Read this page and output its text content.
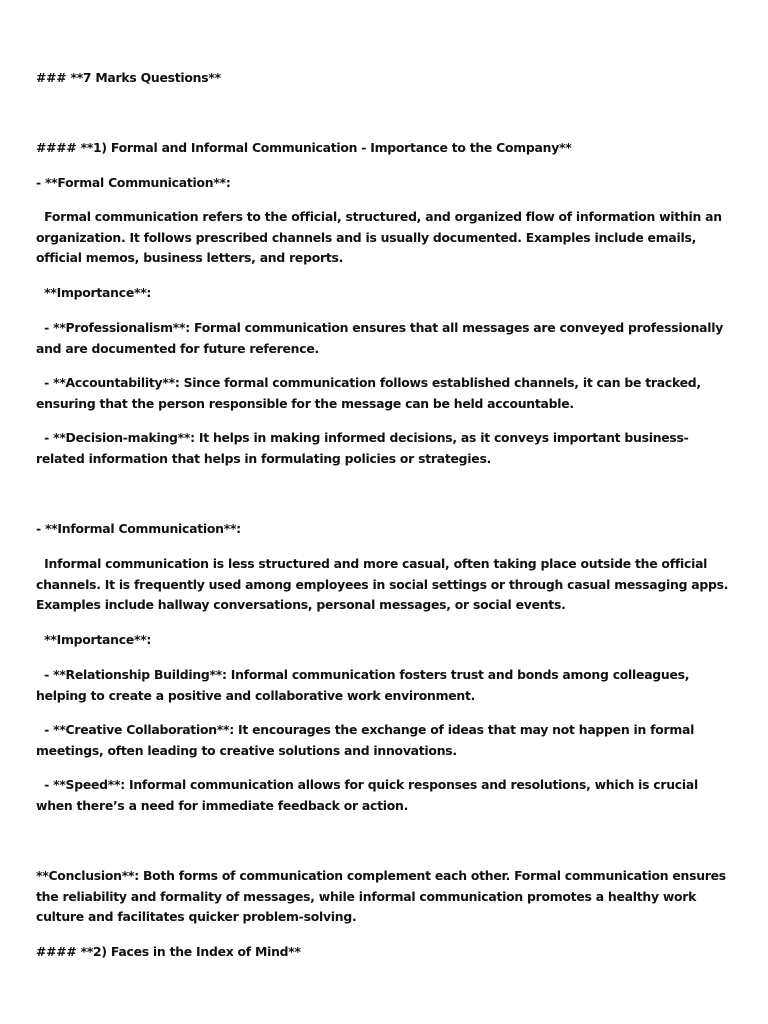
### **7 Marks Questions**
#### **1) Formal and Informal Communication - Importance to the Company**
- **Formal Communication**:
Formal communication refers to the official, structured, and organized flow of information within an organization. It follows prescribed channels and is usually documented. Examples include emails, official memos, business letters, and reports.
**Importance**:
- **Professionalism**: Formal communication ensures that all messages are conveyed professionally and are documented for future reference.
- **Accountability**: Since formal communication follows established channels, it can be tracked, ensuring that the person responsible for the message can be held accountable.
- **Decision-making**: It helps in making informed decisions, as it conveys important business-related information that helps in formulating policies or strategies.
- **Informal Communication**:
Informal communication is less structured and more casual, often taking place outside the official channels. It is frequently used among employees in social settings or through casual messaging apps. Examples include hallway conversations, personal messages, or social events.
**Importance**:
- **Relationship Building**: Informal communication fosters trust and bonds among colleagues, helping to create a positive and collaborative work environment.
- **Creative Collaboration**: It encourages the exchange of ideas that may not happen in formal meetings, often leading to creative solutions and innovations.
- **Speed**: Informal communication allows for quick responses and resolutions, which is crucial when there’s a need for immediate feedback or action.
**Conclusion**: Both forms of communication complement each other. Formal communication ensures the reliability and formality of messages, while informal communication promotes a healthy work culture and facilitates quicker problem-solving.
#### **2) Faces in the Index of Mind**
